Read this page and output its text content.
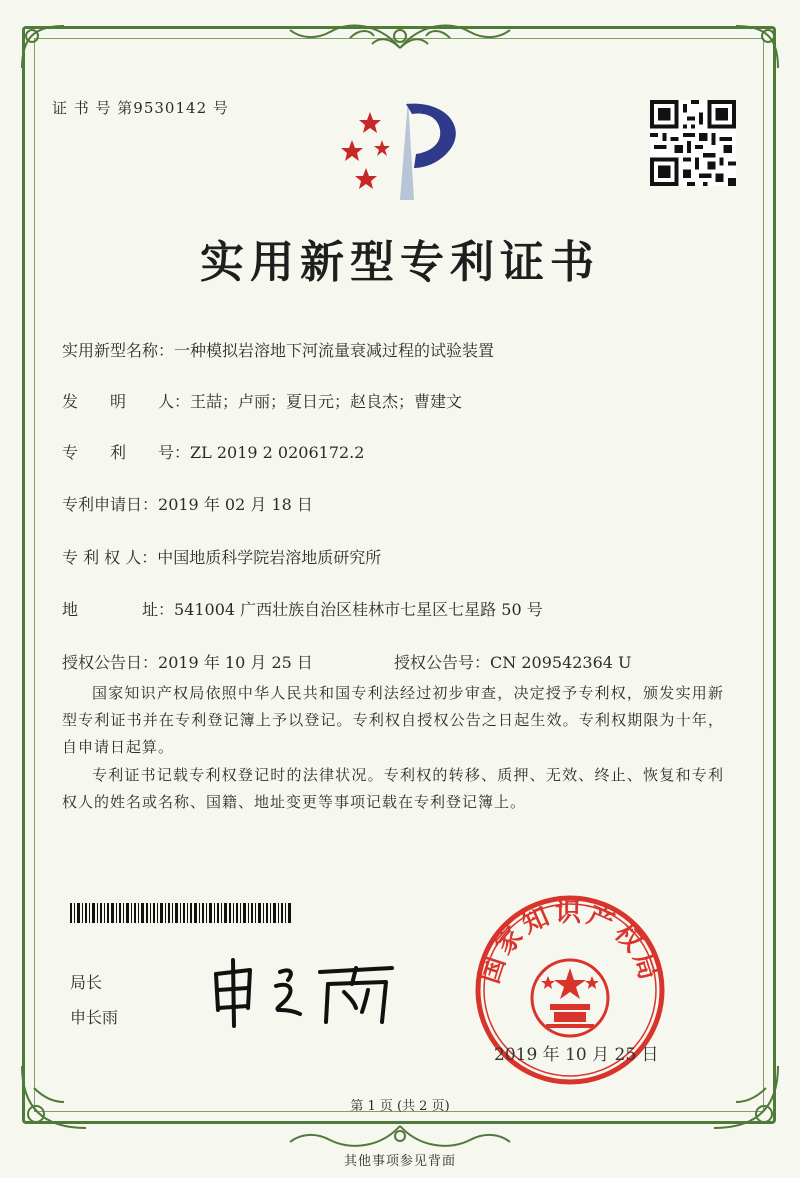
证 书 号 第9530142 号
实用新型专利证书
实用新型名称：一种模拟岩溶地下河流量衰减过程的试验装置
发　　明　　人：王喆；卢丽；夏日元；赵良杰；曹建文
专　　利　　号：ZL 2019 2 0206172.2
专利申请日：2019 年 02 月 18 日
专 利 权 人：中国地质科学院岩溶地质研究所
地　　　　址：541004 广西壮族自治区桂林市七星区七星路 50 号
授权公告日：2019 年 10 月 25 日	授权公告号：CN 209542364 U
国家知识产权局依照中华人民共和国专利法经过初步审查，决定授予专利权，颁发实用新型专利证书并在专利登记簿上予以登记。专利权自授权公告之日起生效。专利权期限为十年，自申请日起算。
专利证书记载专利权登记时的法律状况。专利权的转移、质押、无效、终止、恢复和专利权人的姓名或名称、国籍、地址变更等事项记载在专利登记簿上。
局长
申长雨
国家知识产权局
2019 年 10 月 25 日
第 1 页 (共 2 页)
其他事项参见背面
